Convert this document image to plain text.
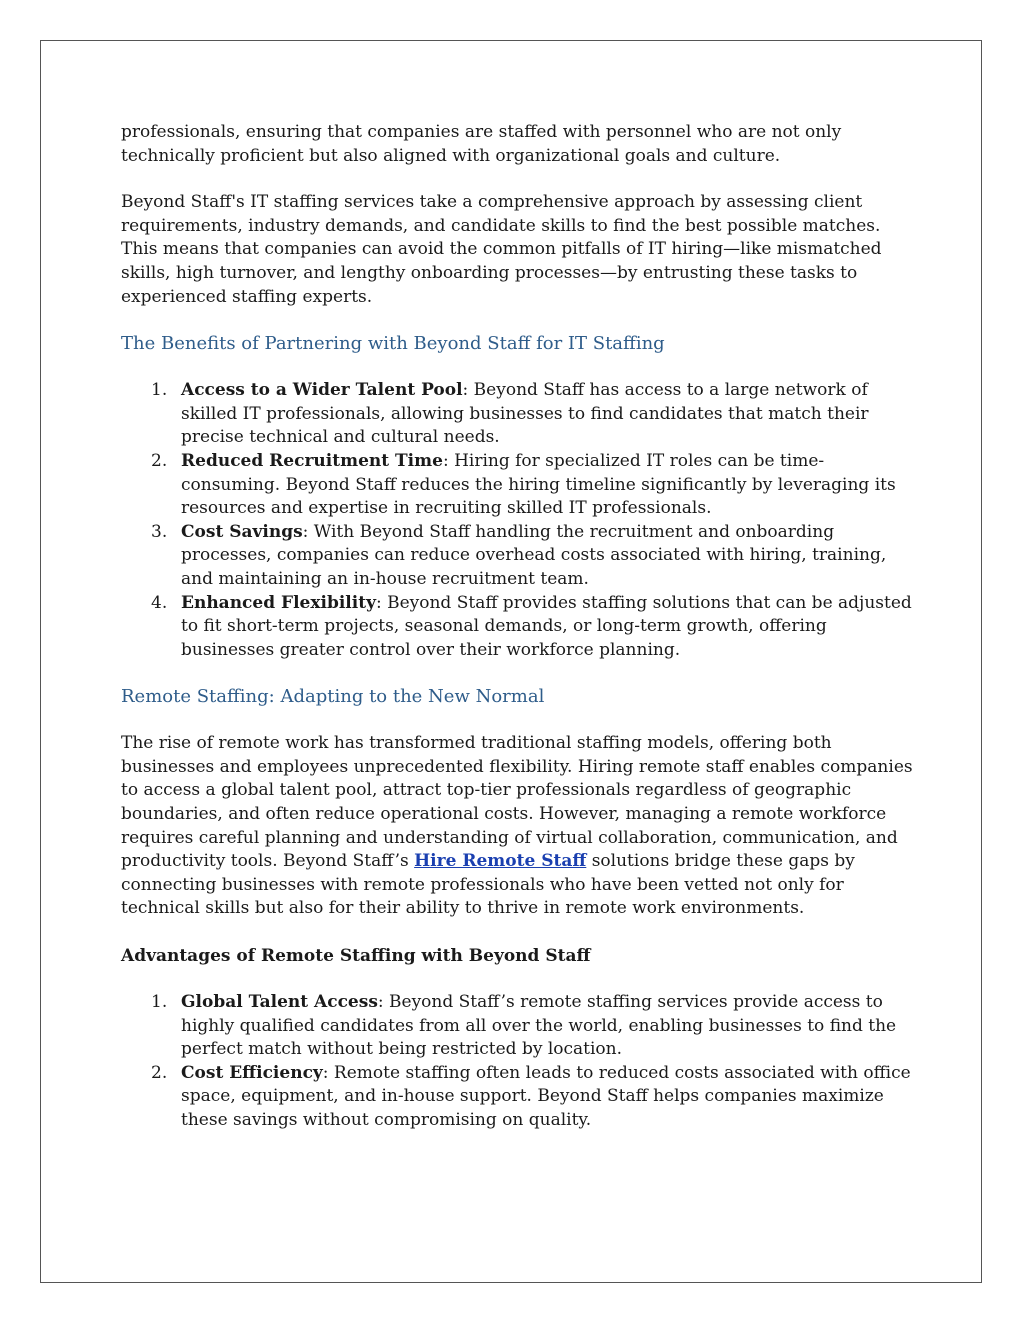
professionals, ensuring that companies are staffed with personnel who are not only technically proficient but also aligned with organizational goals and culture.

Beyond Staff's IT staffing services take a comprehensive approach by assessing client requirements, industry demands, and candidate skills to find the best possible matches. This means that companies can avoid the common pitfalls of IT hiring—like mismatched skills, high turnover, and lengthy onboarding processes—by entrusting these tasks to experienced staffing experts.

The Benefits of Partnering with Beyond Staff for IT Staffing
1. Access to a Wider Talent Pool: Beyond Staff has access to a large network of skilled IT professionals, allowing businesses to find candidates that match their precise technical and cultural needs.
2. Reduced Recruitment Time: Hiring for specialized IT roles can be time-consuming. Beyond Staff reduces the hiring timeline significantly by leveraging its resources and expertise in recruiting skilled IT professionals.
3. Cost Savings: With Beyond Staff handling the recruitment and onboarding processes, companies can reduce overhead costs associated with hiring, training, and maintaining an in-house recruitment team.
4. Enhanced Flexibility: Beyond Staff provides staffing solutions that can be adjusted to fit short-term projects, seasonal demands, or long-term growth, offering businesses greater control over their workforce planning.
Remote Staffing: Adapting to the New Normal

The rise of remote work has transformed traditional staffing models, offering both businesses and employees unprecedented flexibility. Hiring remote staff enables companies to access a global talent pool, attract top-tier professionals regardless of geographic boundaries, and often reduce operational costs. However, managing a remote workforce requires careful planning and understanding of virtual collaboration, communication, and productivity tools. Beyond Staff’s Hire Remote Staff solutions bridge these gaps by connecting businesses with remote professionals who have been vetted not only for technical skills but also for their ability to thrive in remote work environments.

Advantages of Remote Staffing with Beyond Staff
1. Global Talent Access: Beyond Staff’s remote staffing services provide access to highly qualified candidates from all over the world, enabling businesses to find the perfect match without being restricted by location.
2. Cost Efficiency: Remote staffing often leads to reduced costs associated with office space, equipment, and in-house support. Beyond Staff helps companies maximize these savings without compromising on quality.
